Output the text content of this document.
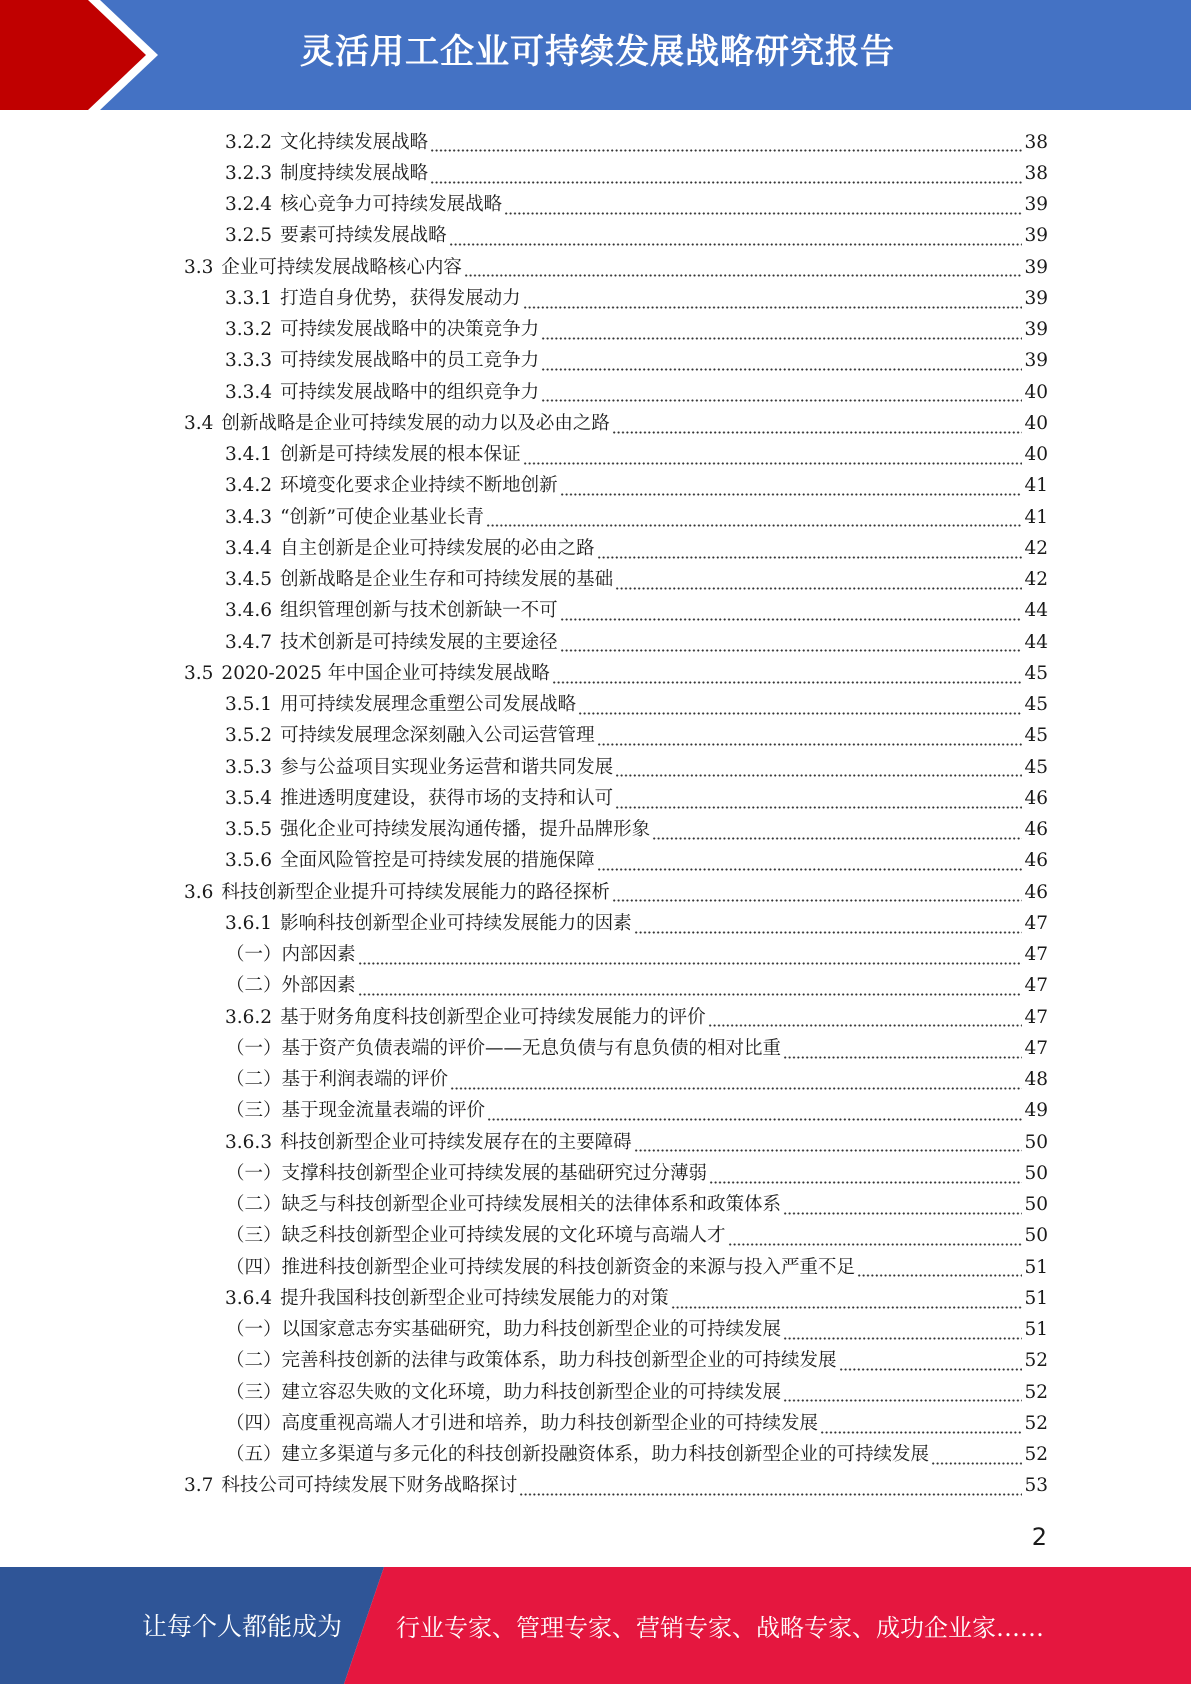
灵活用工企业可持续发展战略研究报告
3.2.2 文化持续发展战略	38
3.2.3 制度持续发展战略	38
3.2.4 核心竞争力可持续发展战略	39
3.2.5 要素可持续发展战略	39
3.3 企业可持续发展战略核心内容	39
3.3.1 打造自身优势，获得发展动力	39
3.3.2 可持续发展战略中的决策竞争力	39
3.3.3 可持续发展战略中的员工竞争力	39
3.3.4 可持续发展战略中的组织竞争力	40
3.4 创新战略是企业可持续发展的动力以及必由之路	40
3.4.1 创新是可持续发展的根本保证	40
3.4.2 环境变化要求企业持续不断地创新	41
3.4.3 “创新”可使企业基业长青	41
3.4.4 自主创新是企业可持续发展的必由之路	42
3.4.5 创新战略是企业生存和可持续发展的基础	42
3.4.6 组织管理创新与技术创新缺一不可	44
3.4.7 技术创新是可持续发展的主要途径	44
3.5 2020-2025 年中国企业可持续发展战略	45
3.5.1 用可持续发展理念重塑公司发展战略	45
3.5.2 可持续发展理念深刻融入公司运营管理	45
3.5.3 参与公益项目实现业务运营和谐共同发展	45
3.5.4 推进透明度建设，获得市场的支持和认可	46
3.5.5 强化企业可持续发展沟通传播，提升品牌形象	46
3.5.6 全面风险管控是可持续发展的措施保障	46
3.6 科技创新型企业提升可持续发展能力的路径探析	46
3.6.1 影响科技创新型企业可持续发展能力的因素	47
（一）内部因素	47
（二）外部因素	47
3.6.2 基于财务角度科技创新型企业可持续发展能力的评价	47
（一）基于资产负债表端的评价——无息负债与有息负债的相对比重	47
（二）基于利润表端的评价	48
（三）基于现金流量表端的评价	49
3.6.3 科技创新型企业可持续发展存在的主要障碍	50
（一）支撑科技创新型企业可持续发展的基础研究过分薄弱	50
（二）缺乏与科技创新型企业可持续发展相关的法律体系和政策体系	50
（三）缺乏科技创新型企业可持续发展的文化环境与高端人才	50
（四）推进科技创新型企业可持续发展的科技创新资金的来源与投入严重不足	51
3.6.4 提升我国科技创新型企业可持续发展能力的对策	51
（一）以国家意志夯实基础研究，助力科技创新型企业的可持续发展	51
（二）完善科技创新的法律与政策体系，助力科技创新型企业的可持续发展	52
（三）建立容忍失败的文化环境，助力科技创新型企业的可持续发展	52
（四）高度重视高端人才引进和培养，助力科技创新型企业的可持续发展	52
（五）建立多渠道与多元化的科技创新投融资体系，助力科技创新型企业的可持续发展	52
3.7 科技公司可持续发展下财务战略探讨	53
2
让每个人都能成为 行业专家、管理专家、营销专家、战略专家、成功企业家……
